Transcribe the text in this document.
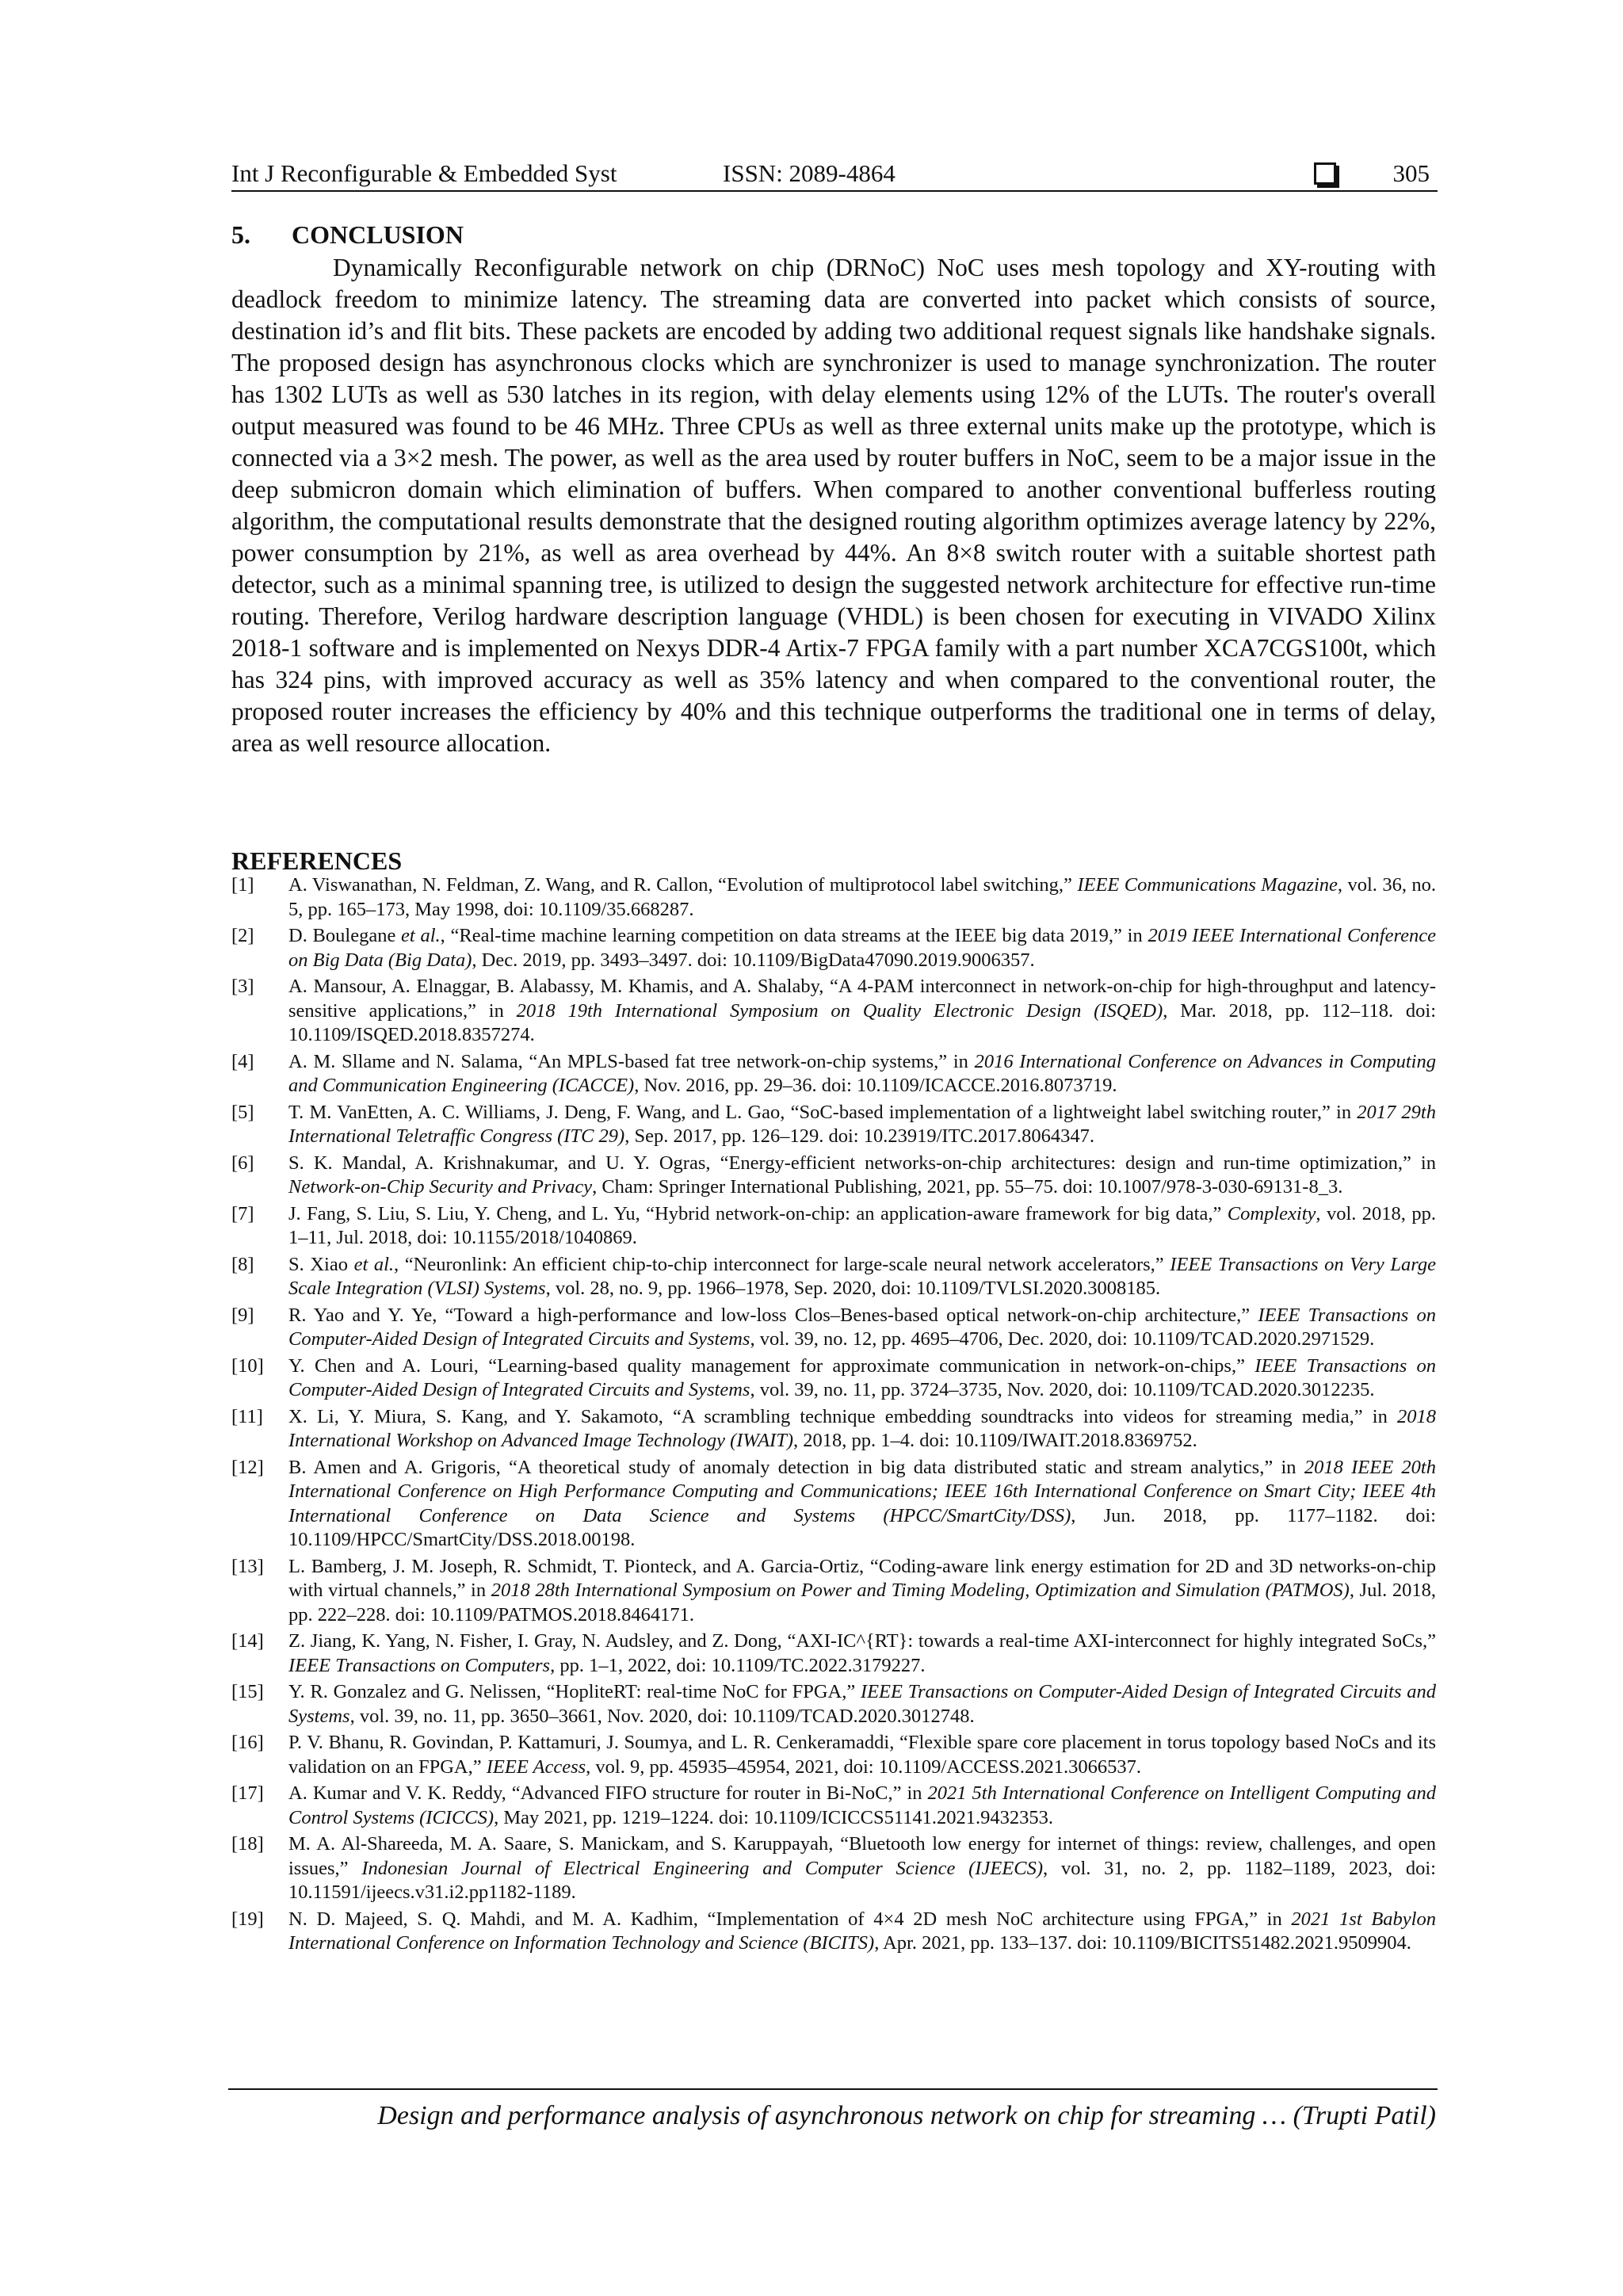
Int J Reconfigurable & Embedded Syst	ISSN: 2089-4864	305
5. CONCLUSION

Dynamically Reconfigurable network on chip (DRNoC) NoC uses mesh topology and XY-routing with deadlock freedom to minimize latency. The streaming data are converted into packet which consists of source, destination id’s and flit bits. These packets are encoded by adding two additional request signals like handshake signals. The proposed design has asynchronous clocks which are synchronizer is used to manage synchronization. The router has 1302 LUTs as well as 530 latches in its region, with delay elements using 12% of the LUTs. The router's overall output measured was found to be 46 MHz. Three CPUs as well as three external units make up the prototype, which is connected via a 3×2 mesh. The power, as well as the area used by router buffers in NoC, seem to be a major issue in the deep submicron domain which elimination of buffers. When compared to another conventional bufferless routing algorithm, the computational results demonstrate that the designed routing algorithm optimizes average latency by 22%, power consumption by 21%, as well as area overhead by 44%. An 8×8 switch router with a suitable shortest path detector, such as a minimal spanning tree, is utilized to design the suggested network architecture for effective run-time routing. Therefore, Verilog hardware description language (VHDL) is been chosen for executing in VIVADO Xilinx 2018-1 software and is implemented on Nexys DDR-4 Artix-7 FPGA family with a part number XCA7CGS100t, which has 324 pins, with improved accuracy as well as 35% latency and when compared to the conventional router, the proposed router increases the efficiency by 40% and this technique outperforms the traditional one in terms of delay, area as well resource allocation.

REFERENCES
[1] A. Viswanathan, N. Feldman, Z. Wang, and R. Callon, “Evolution of multiprotocol label switching,” IEEE Communications Magazine, vol. 36, no. 5, pp. 165–173, May 1998, doi: 10.1109/35.668287.
[2] D. Boulegane et al., “Real-time machine learning competition on data streams at the IEEE big data 2019,” in 2019 IEEE International Conference on Big Data (Big Data), Dec. 2019, pp. 3493–3497. doi: 10.1109/BigData47090.2019.9006357.
[3] A. Mansour, A. Elnaggar, B. Alabassy, M. Khamis, and A. Shalaby, “A 4-PAM interconnect in network-on-chip for high-throughput and latency-sensitive applications,” in 2018 19th International Symposium on Quality Electronic Design (ISQED), Mar. 2018, pp. 112–118. doi: 10.1109/ISQED.2018.8357274.
[4] A. M. Sllame and N. Salama, “An MPLS-based fat tree network-on-chip systems,” in 2016 International Conference on Advances in Computing and Communication Engineering (ICACCE), Nov. 2016, pp. 29–36. doi: 10.1109/ICACCE.2016.8073719.
[5] T. M. VanEtten, A. C. Williams, J. Deng, F. Wang, and L. Gao, “SoC-based implementation of a lightweight label switching router,” in 2017 29th International Teletraffic Congress (ITC 29), Sep. 2017, pp. 126–129. doi: 10.23919/ITC.2017.8064347.
[6] S. K. Mandal, A. Krishnakumar, and U. Y. Ogras, “Energy-efficient networks-on-chip architectures: design and run-time optimization,” in Network-on-Chip Security and Privacy, Cham: Springer International Publishing, 2021, pp. 55–75. doi: 10.1007/978-3-030-69131-8_3.
[7] J. Fang, S. Liu, S. Liu, Y. Cheng, and L. Yu, “Hybrid network-on-chip: an application-aware framework for big data,” Complexity, vol. 2018, pp. 1–11, Jul. 2018, doi: 10.1155/2018/1040869.
[8] S. Xiao et al., “Neuronlink: An efficient chip-to-chip interconnect for large-scale neural network accelerators,” IEEE Transactions on Very Large Scale Integration (VLSI) Systems, vol. 28, no. 9, pp. 1966–1978, Sep. 2020, doi: 10.1109/TVLSI.2020.3008185.
[9] R. Yao and Y. Ye, “Toward a high-performance and low-loss Clos–Benes-based optical network-on-chip architecture,” IEEE Transactions on Computer-Aided Design of Integrated Circuits and Systems, vol. 39, no. 12, pp. 4695–4706, Dec. 2020, doi: 10.1109/TCAD.2020.2971529.
[10] Y. Chen and A. Louri, “Learning-based quality management for approximate communication in network-on-chips,” IEEE Transactions on Computer-Aided Design of Integrated Circuits and Systems, vol. 39, no. 11, pp. 3724–3735, Nov. 2020, doi: 10.1109/TCAD.2020.3012235.
[11] X. Li, Y. Miura, S. Kang, and Y. Sakamoto, “A scrambling technique embedding soundtracks into videos for streaming media,” in 2018 International Workshop on Advanced Image Technology (IWAIT), 2018, pp. 1–4. doi: 10.1109/IWAIT.2018.8369752.
[12] B. Amen and A. Grigoris, “A theoretical study of anomaly detection in big data distributed static and stream analytics,” in 2018 IEEE 20th International Conference on High Performance Computing and Communications; IEEE 16th International Conference on Smart City; IEEE 4th International Conference on Data Science and Systems (HPCC/SmartCity/DSS), Jun. 2018, pp. 1177–1182. doi: 10.1109/HPCC/SmartCity/DSS.2018.00198.
[13] L. Bamberg, J. M. Joseph, R. Schmidt, T. Pionteck, and A. Garcia-Ortiz, “Coding-aware link energy estimation for 2D and 3D networks-on-chip with virtual channels,” in 2018 28th International Symposium on Power and Timing Modeling, Optimization and Simulation (PATMOS), Jul. 2018, pp. 222–228. doi: 10.1109/PATMOS.2018.8464171.
[14] Z. Jiang, K. Yang, N. Fisher, I. Gray, N. Audsley, and Z. Dong, “AXI-IC^{RT}: towards a real-time AXI-interconnect for highly integrated SoCs,” IEEE Transactions on Computers, pp. 1–1, 2022, doi: 10.1109/TC.2022.3179227.
[15] Y. R. Gonzalez and G. Nelissen, “HopliteRT: real-time NoC for FPGA,” IEEE Transactions on Computer-Aided Design of Integrated Circuits and Systems, vol. 39, no. 11, pp. 3650–3661, Nov. 2020, doi: 10.1109/TCAD.2020.3012748.
[16] P. V. Bhanu, R. Govindan, P. Kattamuri, J. Soumya, and L. R. Cenkeramaddi, “Flexible spare core placement in torus topology based NoCs and its validation on an FPGA,” IEEE Access, vol. 9, pp. 45935–45954, 2021, doi: 10.1109/ACCESS.2021.3066537.
[17] A. Kumar and V. K. Reddy, “Advanced FIFO structure for router in Bi-NoC,” in 2021 5th International Conference on Intelligent Computing and Control Systems (ICICCS), May 2021, pp. 1219–1224. doi: 10.1109/ICICCS51141.2021.9432353.
[18] M. A. Al-Shareeda, M. A. Saare, S. Manickam, and S. Karuppayah, “Bluetooth low energy for internet of things: review, challenges, and open issues,” Indonesian Journal of Electrical Engineering and Computer Science (IJEECS), vol. 31, no. 2, pp. 1182–1189, 2023, doi: 10.11591/ijeecs.v31.i2.pp1182-1189.
[19] N. D. Majeed, S. Q. Mahdi, and M. A. Kadhim, “Implementation of 4×4 2D mesh NoC architecture using FPGA,” in 2021 1st Babylon International Conference on Information Technology and Science (BICITS), Apr. 2021, pp. 133–137. doi: 10.1109/BICITS51482.2021.9509904.
Design and performance analysis of asynchronous network on chip for streaming … (Trupti Patil)
